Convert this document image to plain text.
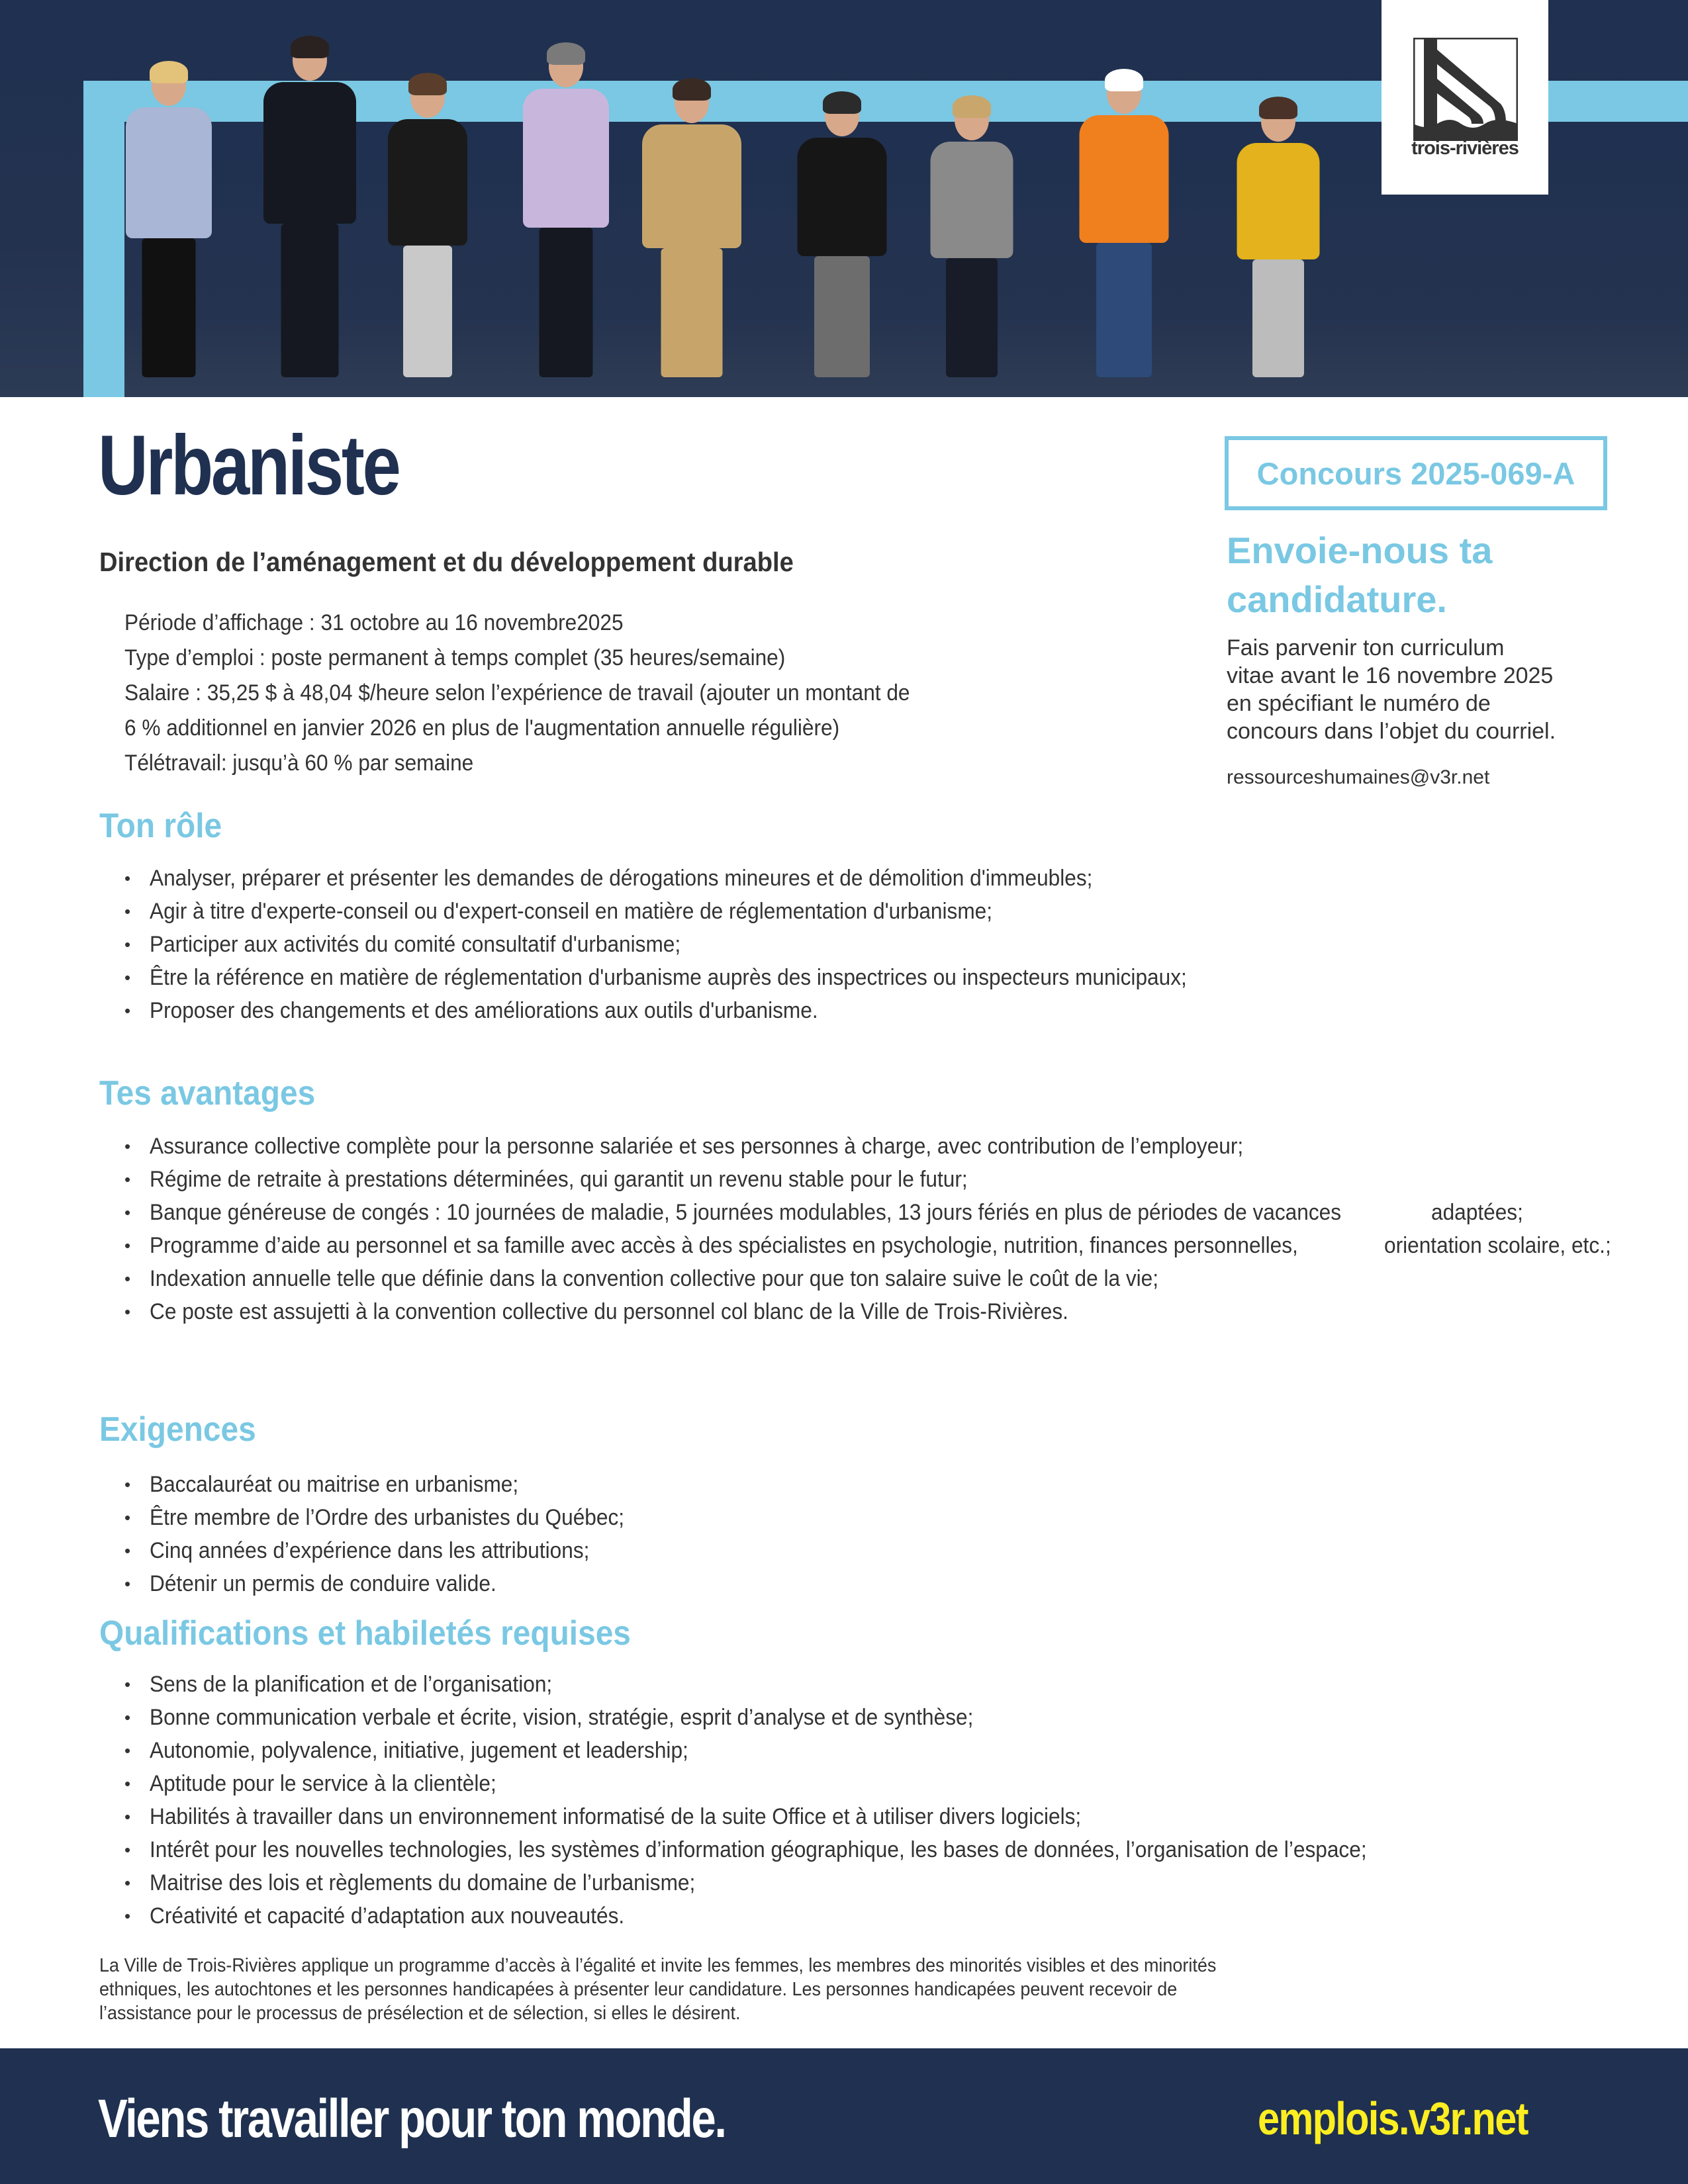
trois-rivières
Urbaniste
Direction de l’aménagement et du développement durable
Période d’affichage : 31 octobre au 16 novembre2025
Type d’emploi : poste permanent à temps complet (35 heures/semaine)
Salaire : 35,25 $ à 48,04 $/heure selon l’expérience de travail (ajouter un montant de
6 % additionnel en janvier 2026 en plus de l'augmentation annuelle régulière)
Télétravail: jusqu’à 60 % par semaine
Concours 2025-069-A
Envoie-nous ta
candidature.
Fais parvenir ton curriculum
vitae avant le 16 novembre 2025
en spécifiant le numéro de
concours dans l’objet du courriel.
ressourceshumaines@v3r.net
Ton rôle
• Analyser, préparer et présenter les demandes de dérogations mineures et de démolition d'immeubles;
• Agir à titre d'experte-conseil ou d'expert-conseil en matière de réglementation d'urbanisme;
• Participer aux activités du comité consultatif d'urbanisme;
• Être la référence en matière de réglementation d'urbanisme auprès des inspectrices ou inspecteurs municipaux;
• Proposer des changements et des améliorations aux outils d'urbanisme.
Tes avantages
• Assurance collective complète pour la personne salariée et ses personnes à charge, avec contribution de l’employeur;
• Régime de retraite à prestations déterminées, qui garantit un revenu stable pour le futur;
• Banque généreuse de congés : 10 journées de maladie, 5 journées modulables, 13 jours fériés en plus de périodes de vacances	adaptées;
• Programme d’aide au personnel et sa famille avec accès à des spécialistes en psychologie, nutrition, finances personnelles,	orientation scolaire, etc.;
• Indexation annuelle telle que définie dans la convention collective pour que ton salaire suive le coût de la vie;
• Ce poste est assujetti à la convention collective du personnel col blanc de la Ville de Trois-Rivières.
Exigences
• Baccalauréat ou maitrise en urbanisme;
• Être membre de l’Ordre des urbanistes du Québec;
• Cinq années d’expérience dans les attributions;
• Détenir un permis de conduire valide.
Qualifications et habiletés requises
• Sens de la planification et de l’organisation;
• Bonne communication verbale et écrite, vision, stratégie, esprit d’analyse et de synthèse;
• Autonomie, polyvalence, initiative, jugement et leadership;
• Aptitude pour le service à la clientèle;
• Habilités à travailler dans un environnement informatisé de la suite Office et à utiliser divers logiciels;
• Intérêt pour les nouvelles technologies, les systèmes d’information géographique, les bases de données, l’organisation de l’espace;
• Maitrise des lois et règlements du domaine de l’urbanisme;
• Créativité et capacité d’adaptation aux nouveautés.
La Ville de Trois-Rivières applique un programme d’accès à l’égalité et invite les femmes, les membres des minorités visibles et des minorités
ethniques, les autochtones et les personnes handicapées à présenter leur candidature. Les personnes handicapées peuvent recevoir de
l’assistance pour le processus de présélection et de sélection, si elles le désirent.
Viens travailler pour ton monde.	emplois.v3r.net
